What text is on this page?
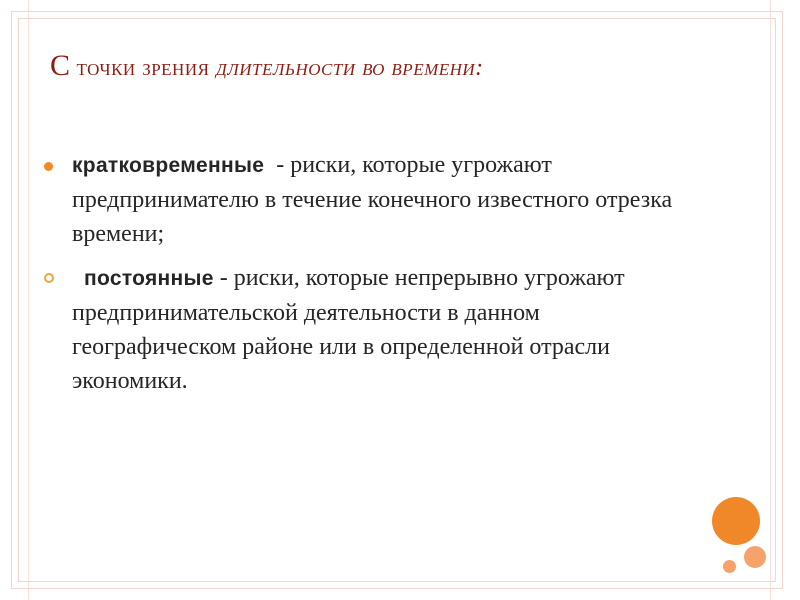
С точки зрения длительности во времени:
кратковременные  - риски, которые угрожают предпринимателю в течение конечного известного отрезка времени;
постоянные - риски, которые непрерывно угрожают предпринимательской деятельности в данном географическом районе или в определенной отрасли экономики.
